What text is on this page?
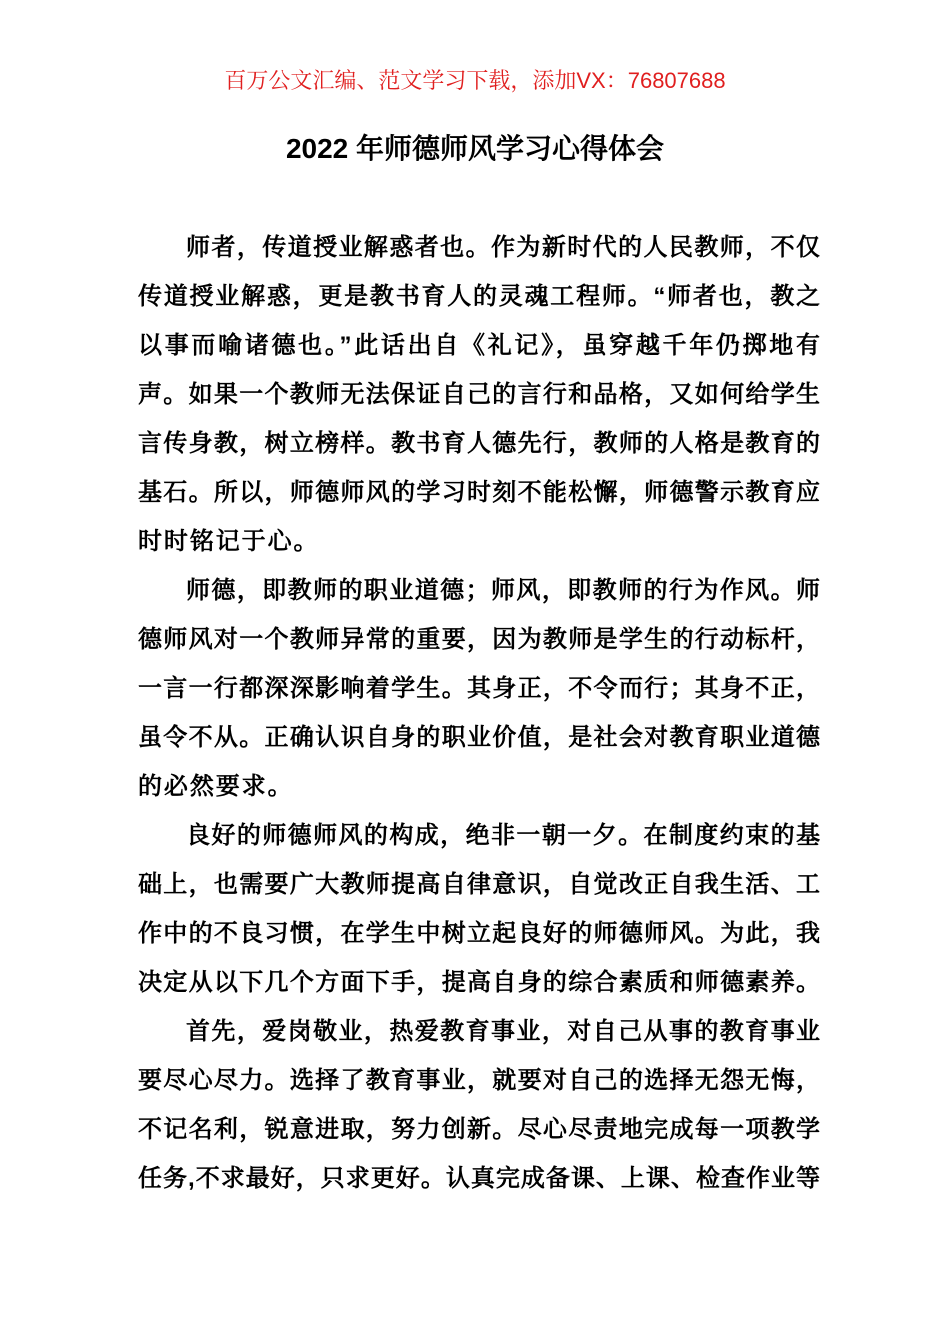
百万公文汇编、范文学习下载，添加VX：76807688
2022 年师德师风学习心得体会
师者，传道授业解惑者也。作为新时代的人民教师，不仅
传道授业解惑，更是教书育人的灵魂工程师。“师者也，教之
以事而喻诸德也。”此话出自《礼记》，虽穿越千年仍掷地有
声。如果一个教师无法保证自己的言行和品格，又如何给学生
言传身教，树立榜样。教书育人德先行，教师的人格是教育的
基石。所以，师德师风的学习时刻不能松懈，师德警示教育应
时时铭记于心。
师德，即教师的职业道德；师风，即教师的行为作风。师
德师风对一个教师异常的重要，因为教师是学生的行动标杆，
一言一行都深深影响着学生。其身正，不令而行；其身不正，
虽令不从。正确认识自身的职业价值，是社会对教育职业道德
的必然要求。
良好的师德师风的构成，绝非一朝一夕。在制度约束的基
础上，也需要广大教师提高自律意识，自觉改正自我生活、工
作中的不良习惯，在学生中树立起良好的师德师风。为此，我
决定从以下几个方面下手，提高自身的综合素质和师德素养。
首先，爱岗敬业，热爱教育事业，对自己从事的教育事业
要尽心尽力。选择了教育事业，就要对自己的选择无怨无悔，
不记名利，锐意进取，努力创新。尽心尽责地完成每一项教学
任务,不求最好，只求更好。认真完成备课、上课、检查作业等
